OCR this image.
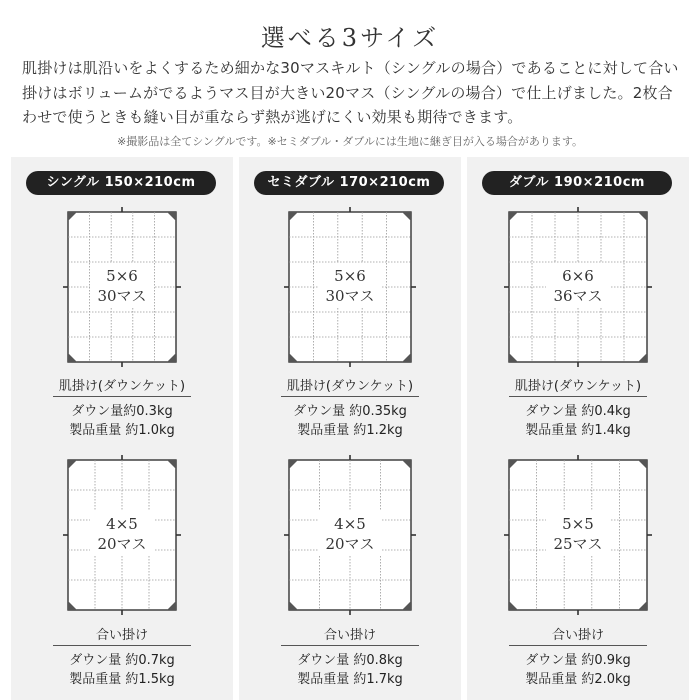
選べる3サイズ
肌掛けは肌沿いをよくするため細かな30マスキルト（シングルの場合）であることに対して合い掛けはボリュームがでるようマス目が大きい20マス（シングルの場合）で仕上げました。2枚合わせで使うときも縫い目が重ならず熱が逃げにくい効果も期待できます。
※撮影品は全てシングルです。※セミダブル・ダブルには生地に継ぎ目が入る場合があります。
シングル 150×210cm
5×6
30マス
肌掛け(ダウンケット)
ダウン量約0.3kg
製品重量 約1.0kg
4×5
20マス
合い掛け
ダウン量 約0.7kg
製品重量 約1.5kg
セミダブル 170×210cm
5×6
30マス
肌掛け(ダウンケット)
ダウン量 約0.35kg
製品重量 約1.2kg
4×5
20マス
合い掛け
ダウン量 約0.8kg
製品重量 約1.7kg
ダブル 190×210cm
6×6
36マス
肌掛け(ダウンケット)
ダウン量 約0.4kg
製品重量 約1.4kg
5×5
25マス
合い掛け
ダウン量 約0.9kg
製品重量 約2.0kg
